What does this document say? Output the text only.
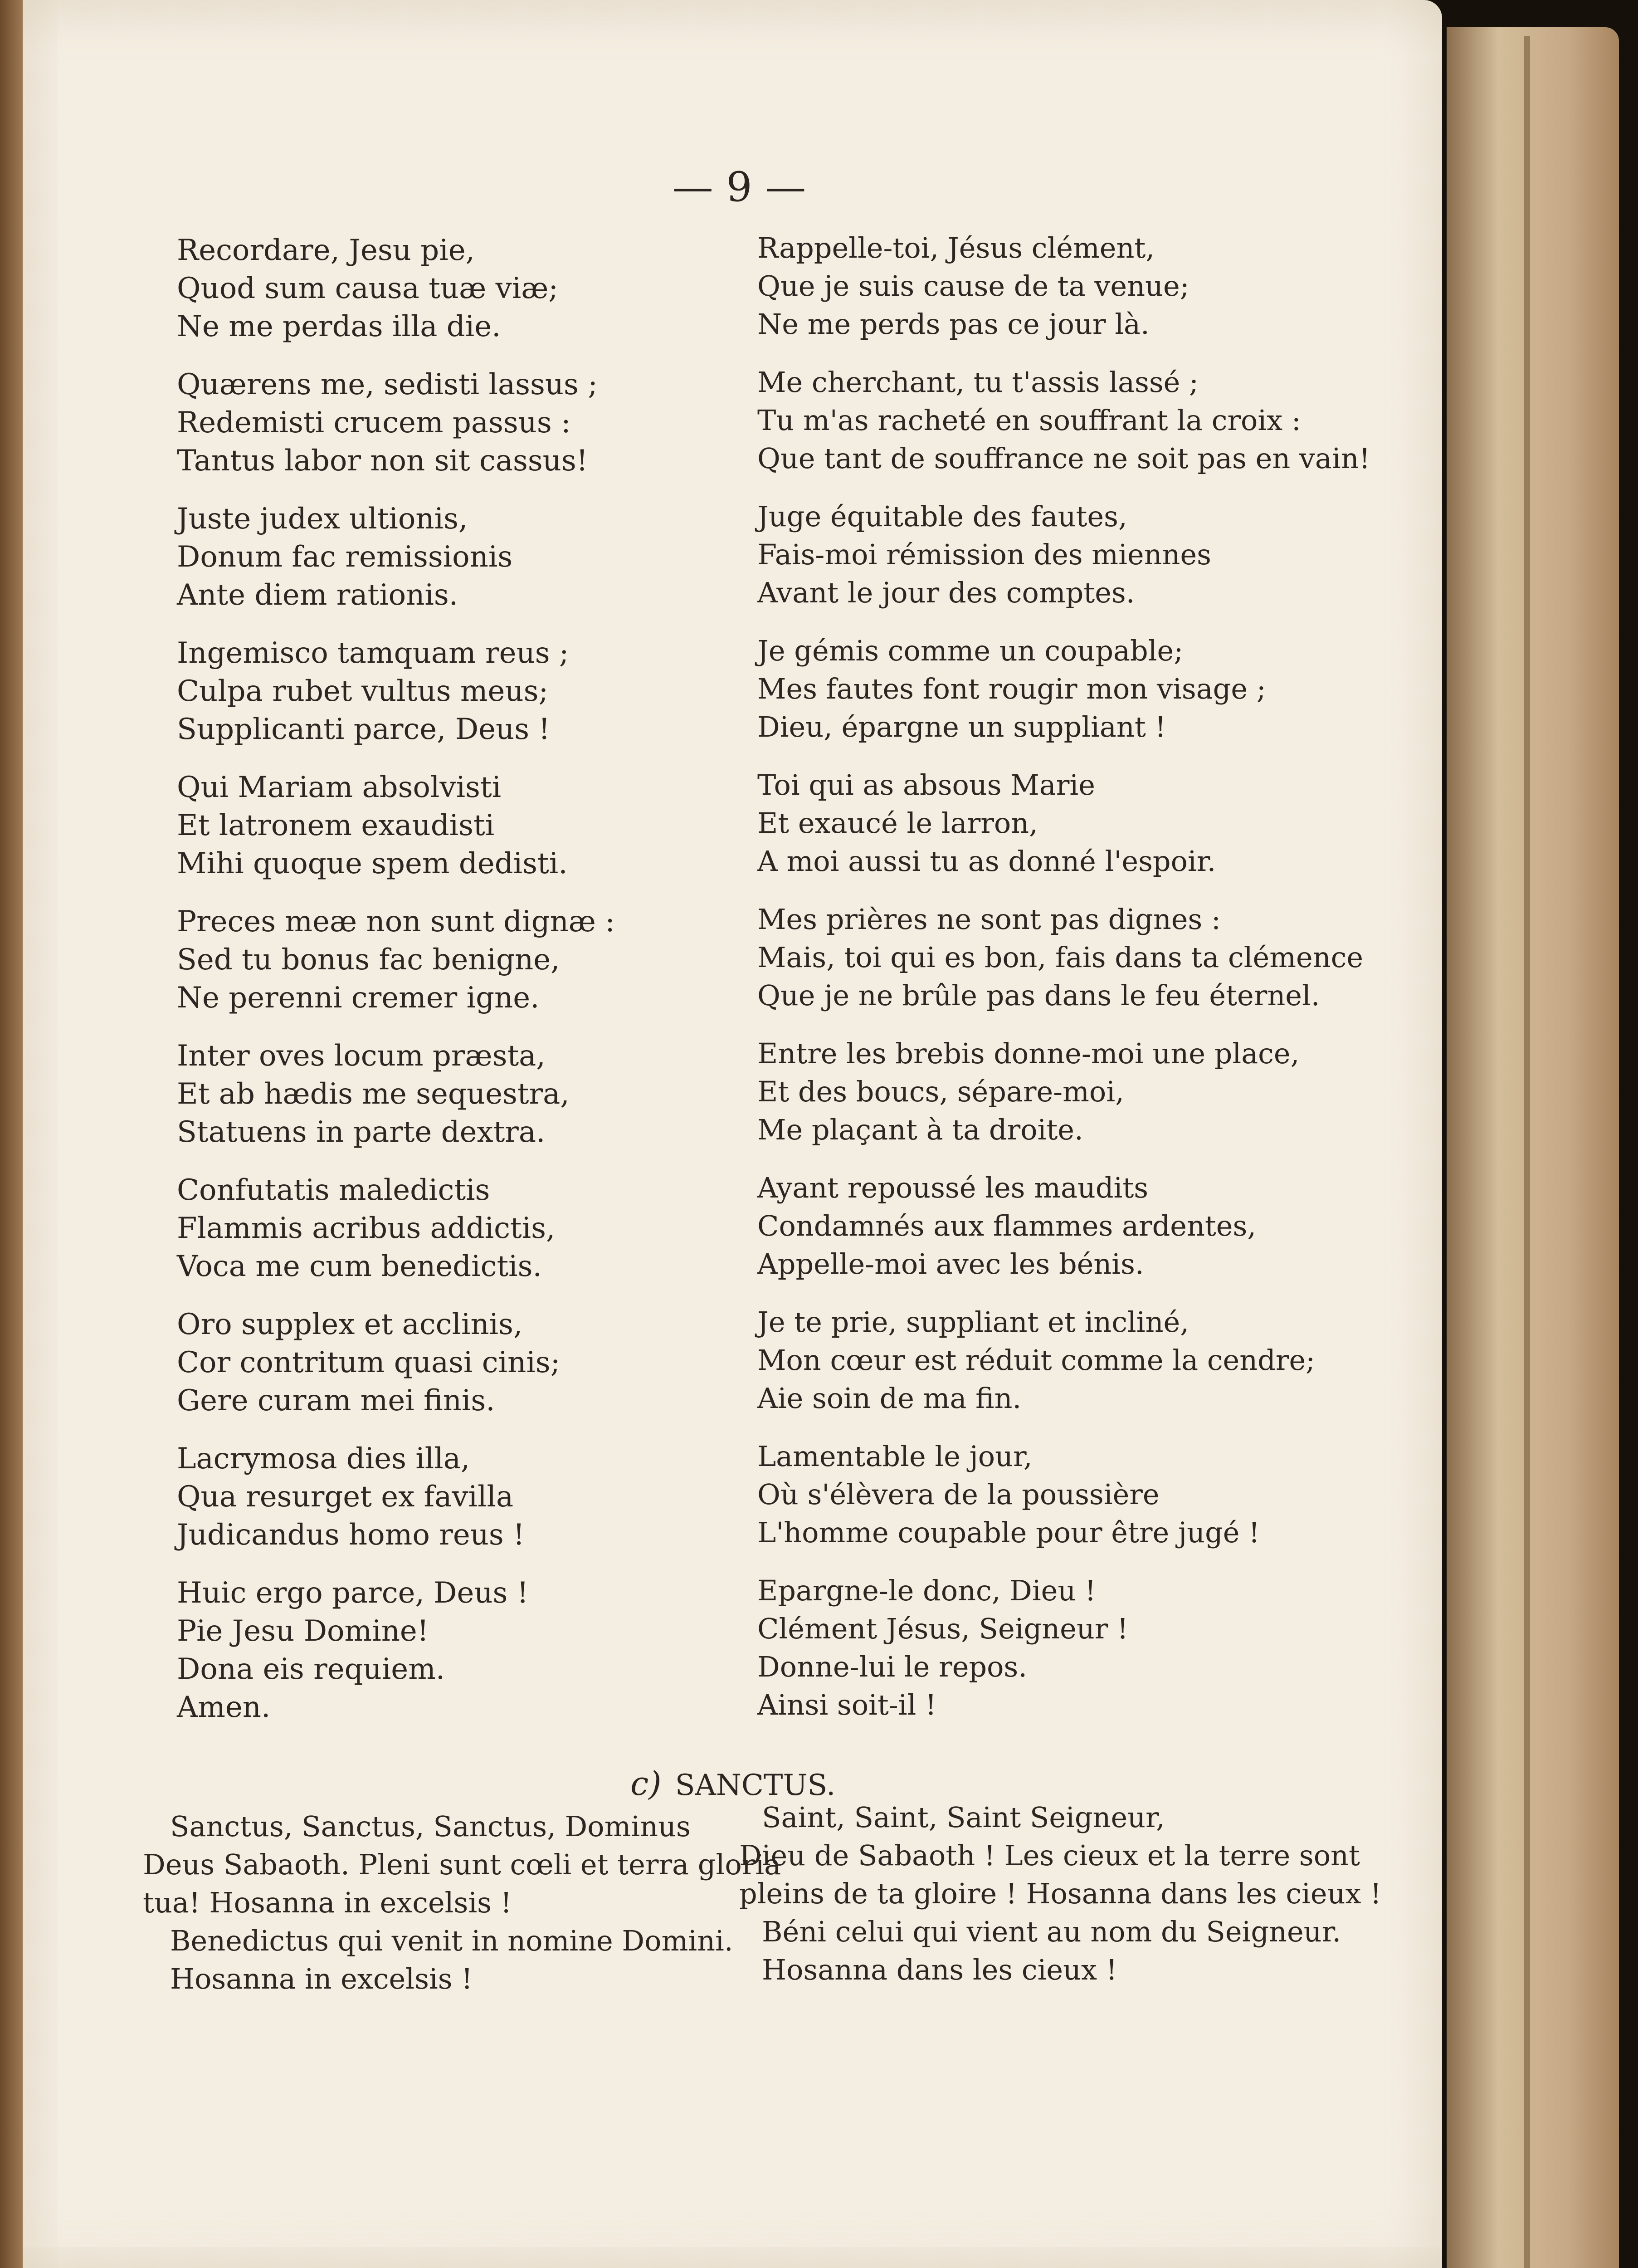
— 9 —
Recordare, Jesu pie,
Quod sum causa tuæ viæ;
Ne me perdas illa die.
Quærens me, sedisti lassus ;
Redemisti crucem passus :
Tantus labor non sit cassus!
Juste judex ultionis,
Donum fac remissionis
Ante diem rationis.
Ingemisco tamquam reus ;
Culpa rubet vultus meus;
Supplicanti parce, Deus !
Qui Mariam absolvisti
Et latronem exaudisti
Mihi quoque spem dedisti.
Preces meæ non sunt dignæ :
Sed tu bonus fac benigne,
Ne perenni cremer igne.
Inter oves locum præsta,
Et ab hædis me sequestra,
Statuens in parte dextra.
Confutatis maledictis
Flammis acribus addictis,
Voca me cum benedictis.
Oro supplex et acclinis,
Cor contritum quasi cinis;
Gere curam mei finis.
Lacrymosa dies illa,
Qua resurget ex favilla
Judicandus homo reus !
Huic ergo parce, Deus !
Pie Jesu Domine!
Dona eis requiem.
Amen.
Rappelle-toi, Jésus clément,
Que je suis cause de ta venue;
Ne me perds pas ce jour là.
Me cherchant, tu t'assis lassé ;
Tu m'as racheté en souffrant la croix :
Que tant de souffrance ne soit pas en vain!
Juge équitable des fautes,
Fais-moi rémission des miennes
Avant le jour des comptes.
Je gémis comme un coupable;
Mes fautes font rougir mon visage ;
Dieu, épargne un suppliant !
Toi qui as absous Marie
Et exaucé le larron,
A moi aussi tu as donné l'espoir.
Mes prières ne sont pas dignes :
Mais, toi qui es bon, fais dans ta clémence
Que je ne brûle pas dans le feu éternel.
Entre les brebis donne-moi une place,
Et des boucs, sépare-moi,
Me plaçant à ta droite.
Ayant repoussé les maudits
Condamnés aux flammes ardentes,
Appelle-moi avec les bénis.
Je te prie, suppliant et incliné,
Mon cœur est réduit comme la cendre;
Aie soin de ma fin.
Lamentable le jour,
Où s'élèvera de la poussière
L'homme coupable pour être jugé !
Epargne-le donc, Dieu !
Clément Jésus, Seigneur !
Donne-lui le repos.
Ainsi soit-il !
c) SANCTUS.
Sanctus, Sanctus, Sanctus, Dominus
Deus Sabaoth. Pleni sunt cœli et terra gloria
tua! Hosanna in excelsis !
Benedictus qui venit in nomine Domini.
Hosanna in excelsis !
Saint, Saint, Saint Seigneur,
Dieu de Sabaoth ! Les cieux et la terre sont
pleins de ta gloire ! Hosanna dans les cieux !
Béni celui qui vient au nom du Seigneur.
Hosanna dans les cieux !
